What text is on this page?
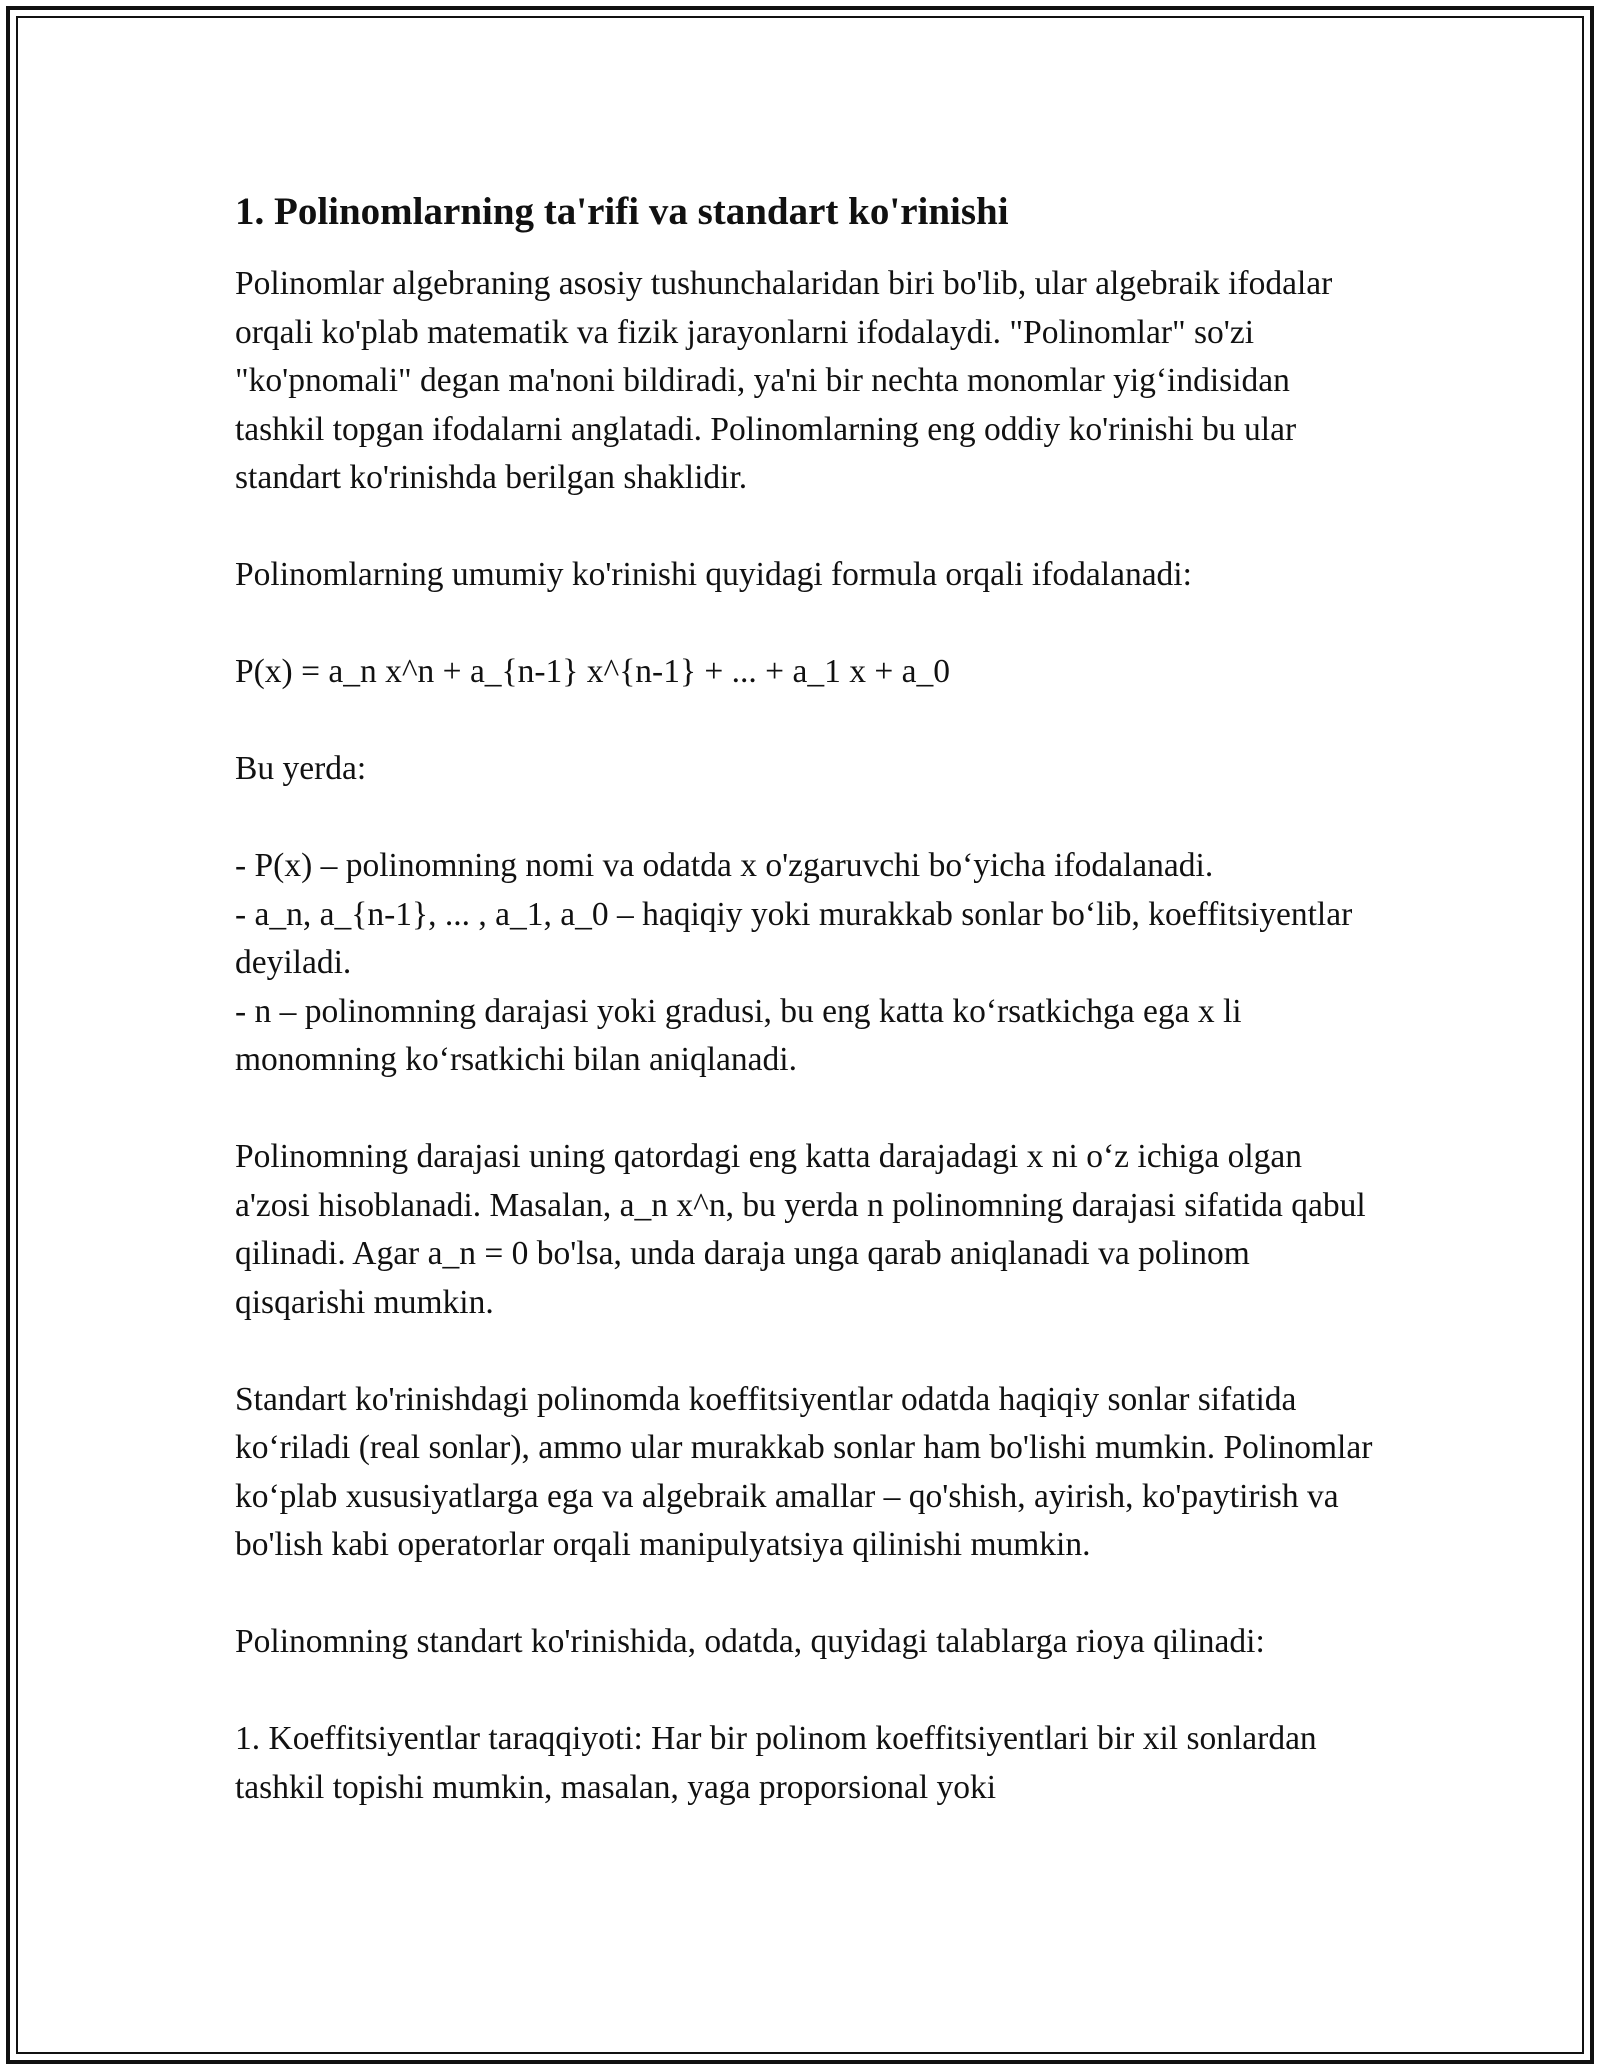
1. Polinomlarning ta'rifi va standart ko'rinishi

Polinomlar algebraning asosiy tushunchalaridan biri bo'lib, ular algebraik ifodalar orqali ko'plab matematik va fizik jarayonlarni ifodalaydi. "Polinomlar" so'zi "ko'pnomali" degan ma'noni bildiradi, ya'ni bir nechta monomlar yig‘indisidan tashkil topgan ifodalarni anglatadi. Polinomlarning eng oddiy ko'rinishi bu ular standart ko'rinishda berilgan shaklidir.

Polinomlarning umumiy ko'rinishi quyidagi formula orqali ifodalanadi:

P(x) = a_n x^n + a_{n-1} x^{n-1} + ... + a_1 x + a_0

Bu yerda:

- P(x) – polinomning nomi va odatda x o'zgaruvchi bo‘yicha ifodalanadi.

- a_n, a_{n-1}, ... , a_1, a_0 – haqiqiy yoki murakkab sonlar bo‘lib, koeffitsiyentlar deyiladi.

- n – polinomning darajasi yoki gradusi, bu eng katta ko‘rsatkichga ega x li monomning ko‘rsatkichi bilan aniqlanadi.

Polinomning darajasi uning qatordagi eng katta darajadagi x ni o‘z ichiga olgan a'zosi hisoblanadi. Masalan, a_n x^n, bu yerda n polinomning darajasi sifatida qabul qilinadi. Agar a_n = 0 bo'lsa, unda daraja unga qarab aniqlanadi va polinom qisqarishi mumkin.

Standart ko'rinishdagi polinomda koeffitsiyentlar odatda haqiqiy sonlar sifatida ko‘riladi (real sonlar), ammo ular murakkab sonlar ham bo'lishi mumkin. Polinomlar ko‘plab xususiyatlarga ega va algebraik amallar – qo'shish, ayirish, ko'paytirish va bo'lish kabi operatorlar orqali manipulyatsiya qilinishi mumkin.

Polinomning standart ko'rinishida, odatda, quyidagi talablarga rioya qilinadi:

1. Koeffitsiyentlar taraqqiyoti: Har bir polinom koeffitsiyentlari bir xil sonlardan tashkil topishi mumkin, masalan, yaga proporsional yoki
